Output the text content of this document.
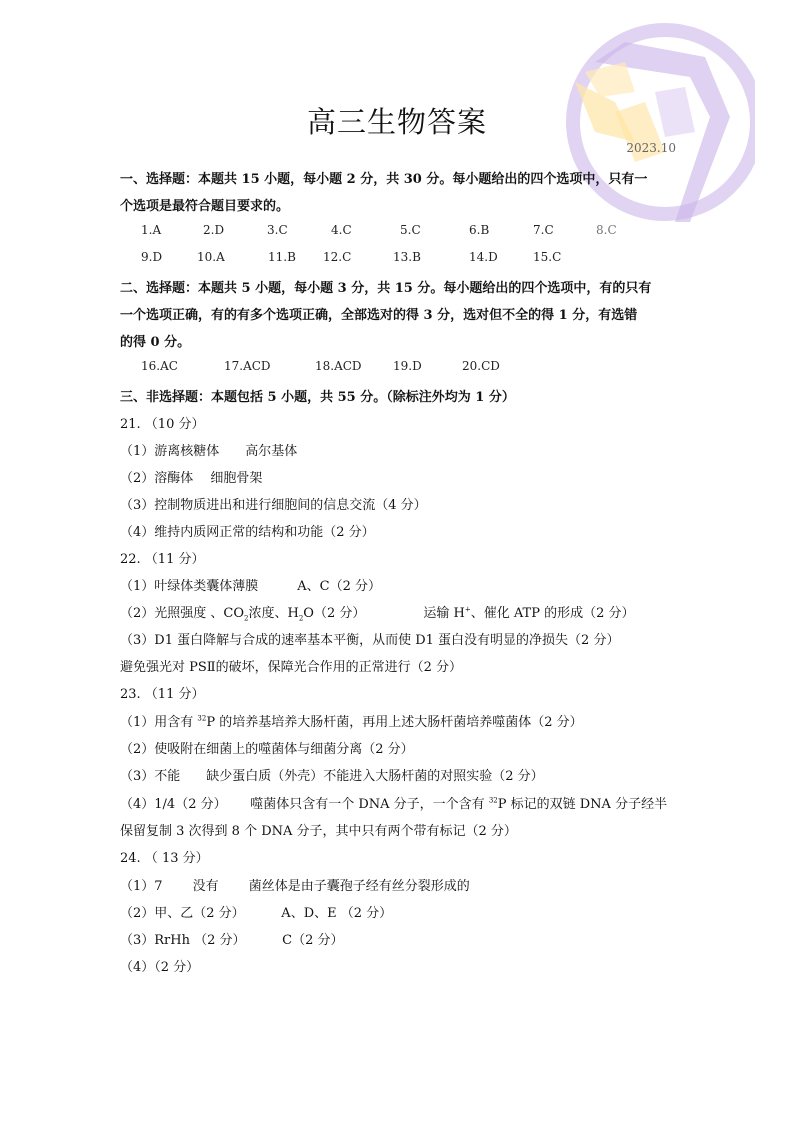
高三生物答案
2023.10
一、选择题：本题共 15 小题，每小题 2 分，共 30 分。每小题给出的四个选项中，只有一
个选项是最符合题目要求的。
1.A	2.D	3.C	4.C	5.C	6.B	7.C	8.C
9.D	10.A	11.B 12.C	13.B	14.D	15.C
二、选择题：本题共 5 小题，每小题 3 分，共 15 分。每小题给出的四个选项中，有的只有
一个选项正确，有的有多个选项正确，全部选对的得 3 分，选对但不全的得 1 分，有选错
的得 0 分。
16.AC	17.ACD	18.ACD	19.D	20.CD
三、非选择题：本题包括 5 小题，共 55 分。（除标注外均为 1 分）
21. （10 分）
（1）游离核糖体　　高尔基体
（2）溶酶体　 细胞骨架
（3）控制物质进出和进行细胞间的信息交流（4 分）
（4）维持内质网正常的结构和功能（2 分）
22. （11 分）
（1）叶绿体类囊体薄膜　　　A、C（2 分）
（2）光照强度 、$CO_2$浓度、$H_2O(2$ 分）	运输 H+、催化 ATP 的形成（2 分）
（3）D1 蛋白降解与合成的速率基本平衡，从而使 D1 蛋白没有明显的净损失（2 分）
避免强光对 PSⅡ的破坏，保障光合作用的正常进行（2 分）
23. （11 分）
（1）用含有 $^{32}$P 的培养基培养大肠杆菌，再用上述大肠杆菌培养噬菌体（2 分）
（2）使吸附在细菌上的噬菌体与细菌分离（2 分）
（3）不能　　缺少蛋白质（外壳）不能进入大肠杆菌的对照实验（2 分）
（4）1/4（2 分）　　 噬菌体只含有一个 DNA 分子，一个含有 $^{32}$P 标记的双链 DNA 分子经半
保留复制 3 次得到 8 个 DNA 分子，其中只有两个带有标记（2 分）
24. （ 13 分）
（1）7　　 没有　　 菌丝体是由子囊孢子经有丝分裂形成的
（2）甲、乙（2 分）　　　 A、D、E （2 分）
（3）RrHh （2 分）　　　 C（2 分）
（4）（2 分）
